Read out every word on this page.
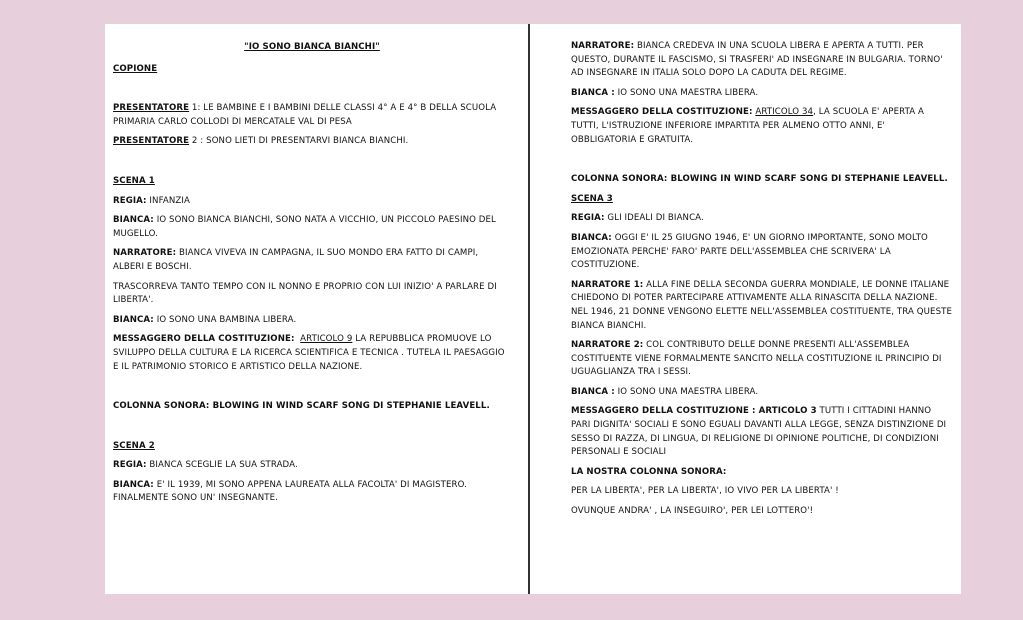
"IO SONO BIANCA BIANCHI"

COPIONE

PRESENTATORE 1: LE BAMBINE E I BAMBINI DELLE CLASSI 4° A E 4° B DELLA SCUOLA PRIMARIA CARLO COLLODI DI MERCATALE VAL DI PESA

PRESENTATORE 2 : SONO LIETI DI PRESENTARVI BIANCA BIANCHI.

SCENA 1

REGIA: INFANZIA

BIANCA: IO SONO BIANCA BIANCHI, SONO NATA A VICCHIO, UN PICCOLO PAESINO DEL MUGELLO.

NARRATORE: BIANCA VIVEVA IN CAMPAGNA, IL SUO MONDO ERA FATTO DI CAMPI, ALBERI E BOSCHI.

TRASCORREVA TANTO TEMPO CON IL NONNO E PROPRIO CON LUI INIZIO' A PARLARE DI LIBERTA'.

BIANCA: IO SONO UNA BAMBINA LIBERA.

MESSAGGERO DELLA COSTITUZIONE: ARTICOLO 9 LA REPUBBLICA PROMUOVE LO SVILUPPO DELLA CULTURA E LA RICERCA SCIENTIFICA E TECNICA . TUTELA IL PAESAGGIO E IL PATRIMONIO STORICO E ARTISTICO DELLA NAZIONE.

COLONNA SONORA: BLOWING IN WIND SCARF SONG DI STEPHANIE LEAVELL.

SCENA 2

REGIA: BIANCA SCEGLIE LA SUA STRADA.

BIANCA: E' IL 1939, MI SONO APPENA LAUREATA ALLA FACOLTA' DI MAGISTERO. FINALMENTE SONO UN' INSEGNANTE.

NARRATORE: BIANCA CREDEVA IN UNA SCUOLA LIBERA E APERTA A TUTTI. PER QUESTO, DURANTE IL FASCISMO, SI TRASFERI' AD INSEGNARE IN BULGARIA. TORNO' AD INSEGNARE IN ITALIA SOLO DOPO LA CADUTA DEL REGIME.

BIANCA : IO SONO UNA MAESTRA LIBERA.

MESSAGGERO DELLA COSTITUZIONE: ARTICOLO 34, LA SCUOLA E' APERTA A TUTTI, L'ISTRUZIONE INFERIORE IMPARTITA PER ALMENO OTTO ANNI, E' OBBLIGATORIA E GRATUITA.

COLONNA SONORA: BLOWING IN WIND SCARF SONG DI STEPHANIE LEAVELL.

SCENA 3

REGIA: GLI IDEALI DI BIANCA.

BIANCA: OGGI E' IL 25 GIUGNO 1946, E' UN GIORNO IMPORTANTE, SONO MOLTO EMOZIONATA PERCHE' FARO' PARTE DELL'ASSEMBLEA CHE SCRIVERA' LA COSTITUZIONE.

NARRATORE 1: ALLA FINE DELLA SECONDA GUERRA MONDIALE, LE DONNE ITALIANE CHIEDONO DI POTER PARTECIPARE ATTIVAMENTE ALLA RINASCITA DELLA NAZIONE. NEL 1946, 21 DONNE VENGONO ELETTE NELL'ASSEMBLEA COSTITUENTE, TRA QUESTE BIANCA BIANCHI.

NARRATORE 2: COL CONTRIBUTO DELLE DONNE PRESENTI ALL'ASSEMBLEA COSTITUENTE VIENE FORMALMENTE SANCITO NELLA COSTITUZIONE IL PRINCIPIO DI UGUAGLIANZA TRA I SESSI.

BIANCA : IO SONO UNA MAESTRA LIBERA.

MESSAGGERO DELLA COSTITUZIONE : ARTICOLO 3 TUTTI I CITTADINI HANNO PARI DIGNITA' SOCIALI E SONO EGUALI DAVANTI ALLA LEGGE, SENZA DISTINZIONE DI SESSO DI RAZZA, DI LINGUA, DI RELIGIONE DI OPINIONE POLITICHE, DI CONDIZIONI PERSONALI E SOCIALI

LA NOSTRA COLONNA SONORA:

PER LA LIBERTA', PER LA LIBERTA', IO VIVO PER LA LIBERTA' !

OVUNQUE ANDRA' , LA INSEGUIRO', PER LEI LOTTERO'!
